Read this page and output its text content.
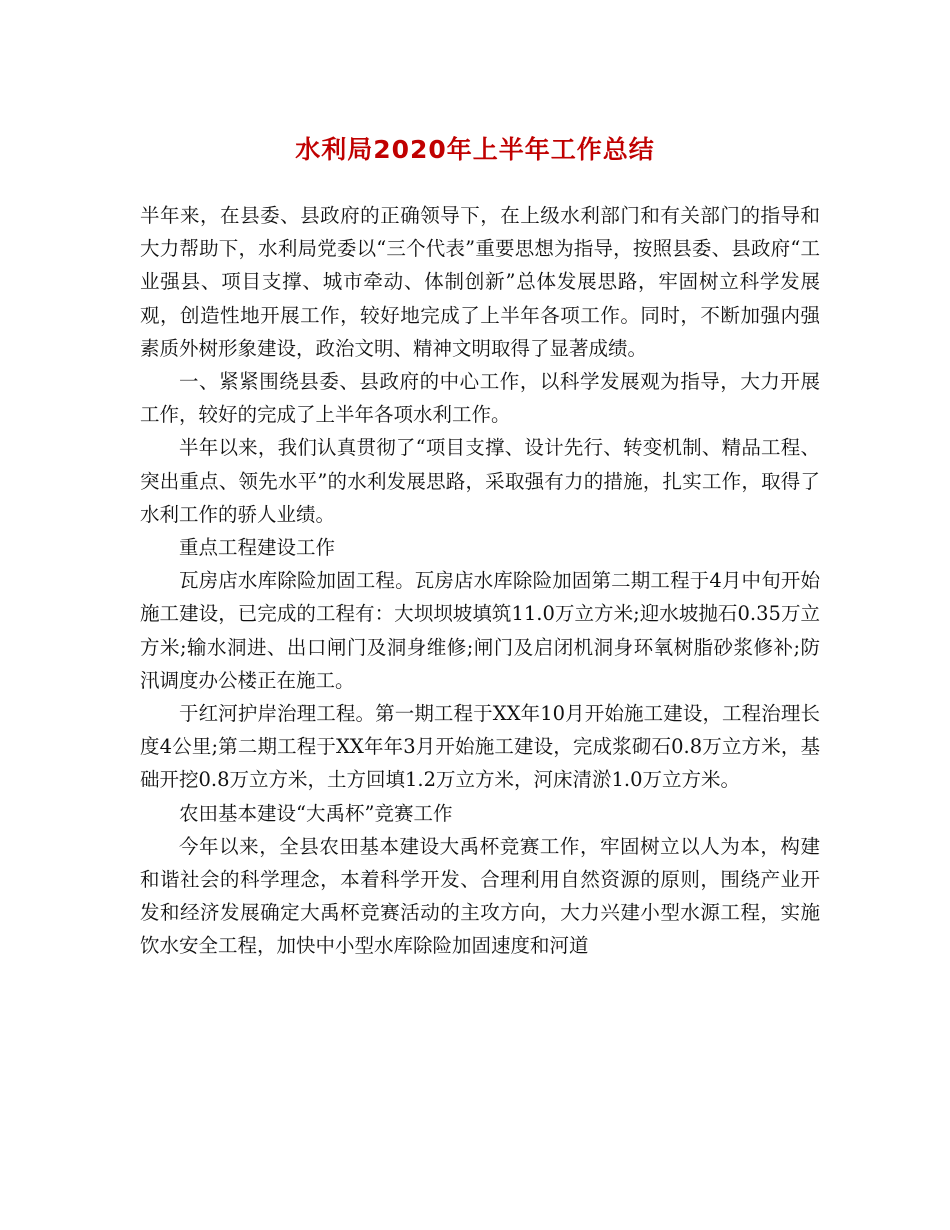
水利局2020年上半年工作总结

半年来，在县委、县政府的正确领导下，在上级水利部门和有关部门的指导和大力帮助下，水利局党委以“三个代表”重要思想为指导，按照县委、县政府“工业强县、项目支撑、城市牵动、体制创新”总体发展思路，牢固树立科学发展观，创造性地开展工作，较好地完成了上半年各项工作。同时，不断加强内强素质外树形象建设，政治文明、精神文明取得了显著成绩。

一、紧紧围绕县委、县政府的中心工作，以科学发展观为指导，大力开展工作，较好的完成了上半年各项水利工作。

半年以来，我们认真贯彻了“项目支撑、设计先行、转变机制、精品工程、突出重点、领先水平”的水利发展思路，采取强有力的措施，扎实工作，取得了水利工作的骄人业绩。

重点工程建设工作

瓦房店水库除险加固工程。瓦房店水库除险加固第二期工程于4月中旬开始施工建设，已完成的工程有：大坝坝坡填筑11.0万立方米;迎水坡抛石0.35万立方米;输水洞进、出口闸门及洞身维修;闸门及启闭机洞身环氧树脂砂浆修补;防汛调度办公楼正在施工。

于红河护岸治理工程。第一期工程于XX年10月开始施工建设，工程治理长度4公里;第二期工程于XX年年3月开始施工建设，完成浆砌石0.8万立方米，基础开挖0.8万立方米，土方回填1.2万立方米，河床清淤1.0万立方米。

农田基本建设“大禹杯”竞赛工作

今年以来，全县农田基本建设大禹杯竞赛工作，牢固树立以人为本，构建和谐社会的科学理念，本着科学开发、合理利用自然资源的原则，围绕产业开发和经济发展确定大禹杯竞赛活动的主攻方向，大力兴建小型水源工程，实施饮水安全工程，加快中小型水库除险加固速度和河道
